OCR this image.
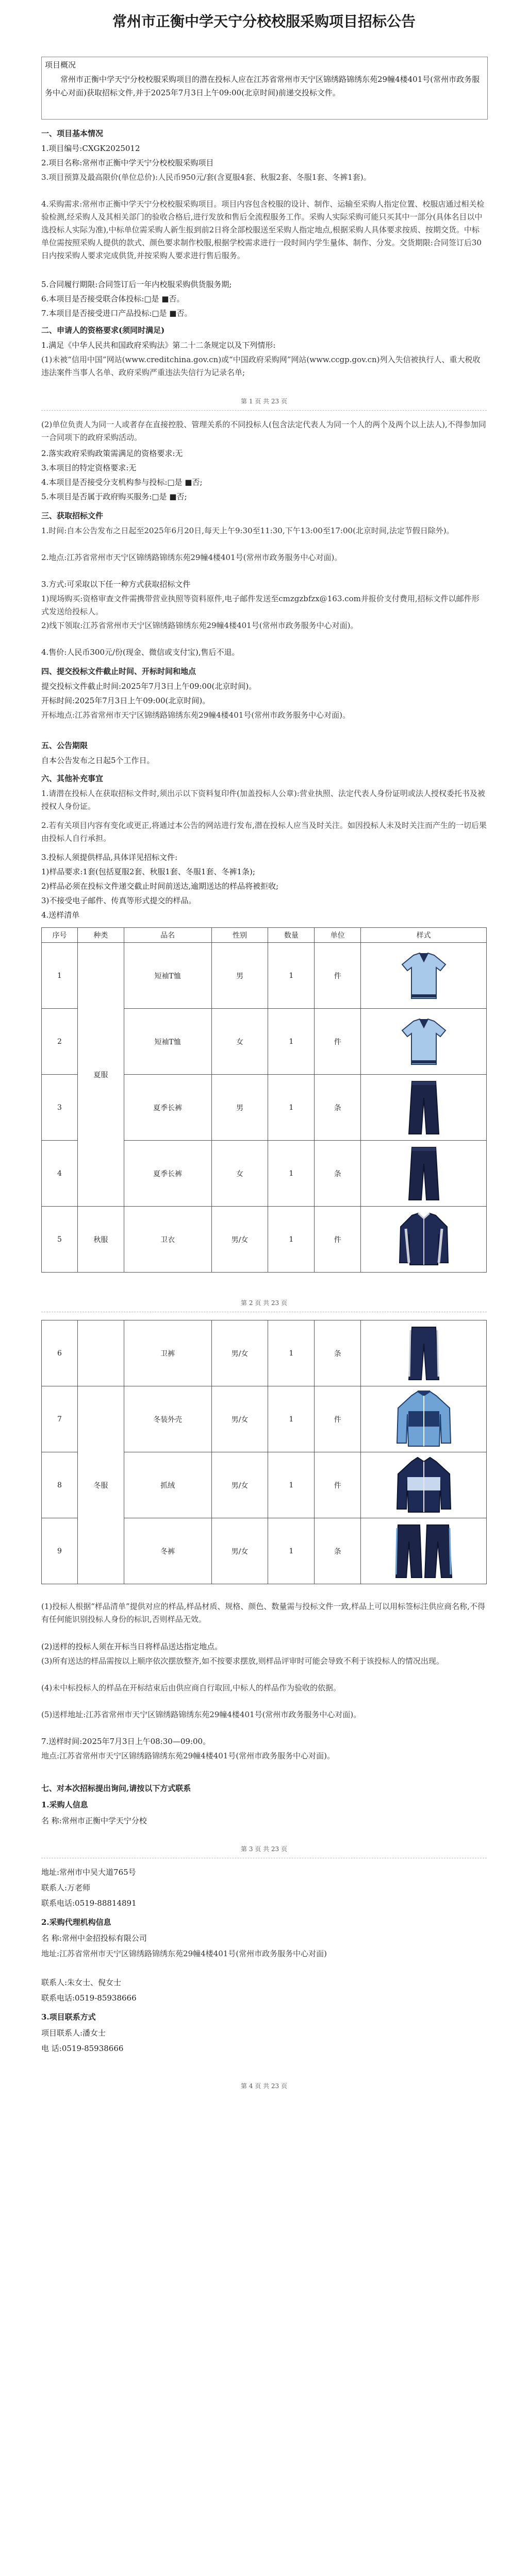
常州市正衡中学天宁分校校服采购项目招标公告
项目概况
常州市正衡中学天宁分校校服采购项目的潜在投标人应在江苏省常州市天宁区锦绣路锦绣东苑29幢4楼401号(常州市政务服务中心对面)获取招标文件,并于2025年7月3日上午09:00(北京时间)前递交投标文件。
一、项目基本情况
1.项目编号:CXGK2025012
2.项目名称:常州市正衡中学天宁分校校服采购项目
3.项目预算及最高限价(单位总价):人民币950元/套(含夏服4套、秋服2套、冬服1套、冬裤1套)。
4.采购需求:常州市正衡中学天宁分校校服采购项目。项目内容包含校服的设计、制作、运输至采购人指定位置、校服店通过相关检验检测,经采购人及其相关部门的验收合格后,进行发放和售后全流程服务工作。采购人实际采购可能只买其中一部分(具体名目以中选投标人实际为准),中标单位需采购人新生报到前2日将全部校服送至采购人指定地点,根据采购人具体要求按质、按期交货。中标单位需按照采购人提供的款式、颜色要求制作校服,根据学校需求进行一段时间内学生量体、制作、分发。交货期限:合同签订后30日内按采购人要求完成供货,并按采购人要求进行售后服务。
5.合同履行期限:合同签订后一年内校服采购供货服务期;
6.本项目是否接受联合体投标:□是 ■否。
7.本项目是否接受进口产品投标:□是 ■否。
二、申请人的资格要求(须同时满足)
1.满足《中华人民共和国政府采购法》第二十二条规定以及下列情形:
(1)未被“信用中国”网站(www.creditchina.gov.cn)或“中国政府采购网”网站(www.ccgp.gov.cn)列入失信被执行人、重大税收违法案件当事人名单、政府采购严重违法失信行为记录名单;
第 1 页 共 23 页
(2)单位负责人为同一人或者存在直接控股、管理关系的不同投标人(包含法定代表人为同一个人的两个及两个以上法人),不得参加同一合同项下的政府采购活动。
2.落实政府采购政策需满足的资格要求:无
3.本项目的特定资格要求:无
4.本项目是否接受分支机构参与投标:□是 ■否;
5.本项目是否属于政府购买服务:□是 ■否;
三、获取招标文件
1.时间:自本公告发布之日起至2025年6月20日,每天上午9:30至11:30,下午13:00至17:00(北京时间,法定节假日除外)。
2.地点:江苏省常州市天宁区锦绣路锦绣东苑29幢4楼401号(常州市政务服务中心对面)。
3.方式:可采取以下任一种方式获取招标文件
1)现场购买:资格审查文件需携带营业执照等资料原件,电子邮件发送至cmzgzbfzx@163.com并报价支付费用,招标文件以邮件形式发送给投标人。
2)线下领取:江苏省常州市天宁区锦绣路锦绣东苑29幢4楼401号(常州市政务服务中心对面)。
4.售价:人民币300元/份(现金、微信或支付宝),售后不退。
四、提交投标文件截止时间、开标时间和地点
提交投标文件截止时间:2025年7月3日上午09:00(北京时间)。
开标时间:2025年7月3日上午09:00(北京时间)。
开标地点:江苏省常州市天宁区锦绣路锦绣东苑29幢4楼401号(常州市政务服务中心对面)。
五、公告期限
自本公告发布之日起5个工作日。
六、其他补充事宜
1.请潜在投标人在获取招标文件时,须出示以下资料复印件(加盖投标人公章):营业执照、法定代表人身份证明或法人授权委托书及被授权人身份证。
2.若有关项目内容有变化或更正,将通过本公告的网站进行发布,潜在投标人应当及时关注。如因投标人未及时关注而产生的一切后果由投标人自行承担。
3.投标人须提供样品,具体详见招标文件:
1)样品要求:1套(包括夏服2套、秋服1套、冬服1套、冬裤1条);
2)样品必须在投标文件递交截止时间前送达,逾期送达的样品将被拒收;
3)不接受电子邮件、传真等形式提交的样品。
4.送样清单
序号	种类	品名	性别	数量	单位	样式
1	夏服	短袖T恤	男	1	件	

2		短袖T恤	女	1	件	

3		夏季长裤	男	1	条	

4		夏季长裤	女	1	条	

5	秋服	卫衣	男/女	1	件	
第 2 页 共 23 页
6		卫裤	男/女	1	条	

7	冬服	冬装外壳	男/女	1	件	

8		抓绒	男/女	1	件	

9		冬裤	男/女	1	条	
(1)投标人根据“样品清单”提供对应的样品,样品材质、规格、颜色、数量需与投标文件一致,样品上可以用标签标注供应商名称,不得有任何能识别投标人身份的标识,否则样品无效。
(2)送样的投标人须在开标当日将样品送达指定地点。
(3)所有送达的样品需按以上顺序依次摆放整齐,如不按要求摆放,则样品评审时可能会导致不利于该投标人的情况出现。
(4)未中标投标人的样品在开标结束后由供应商自行取回,中标人的样品作为验收的依据。
(5)送样地址:江苏省常州市天宁区锦绣路锦绣东苑29幢4楼401号(常州市政务服务中心对面)。
7.送样时间:2025年7月3日上午08:30—09:00。
地点:江苏省常州市天宁区锦绣路锦绣东苑29幢4楼401号(常州市政务服务中心对面)。
七、对本次招标提出询问,请按以下方式联系
1.采购人信息
名 称:常州市正衡中学天宁分校
第 3 页 共 23 页
地址:常州市中吴大道765号
联系人:万老师
联系电话:0519-88814891
2.采购代理机构信息
名 称:常州中金招投标有限公司
地址:江苏省常州市天宁区锦绣路锦绣东苑29幢4楼401号(常州市政务服务中心对面)
联系人:朱女士、倪女士
联系电话:0519-85938666
3.项目联系方式
项目联系人:潘女士
电 话:0519-85938666
第 4 页 共 23 页
